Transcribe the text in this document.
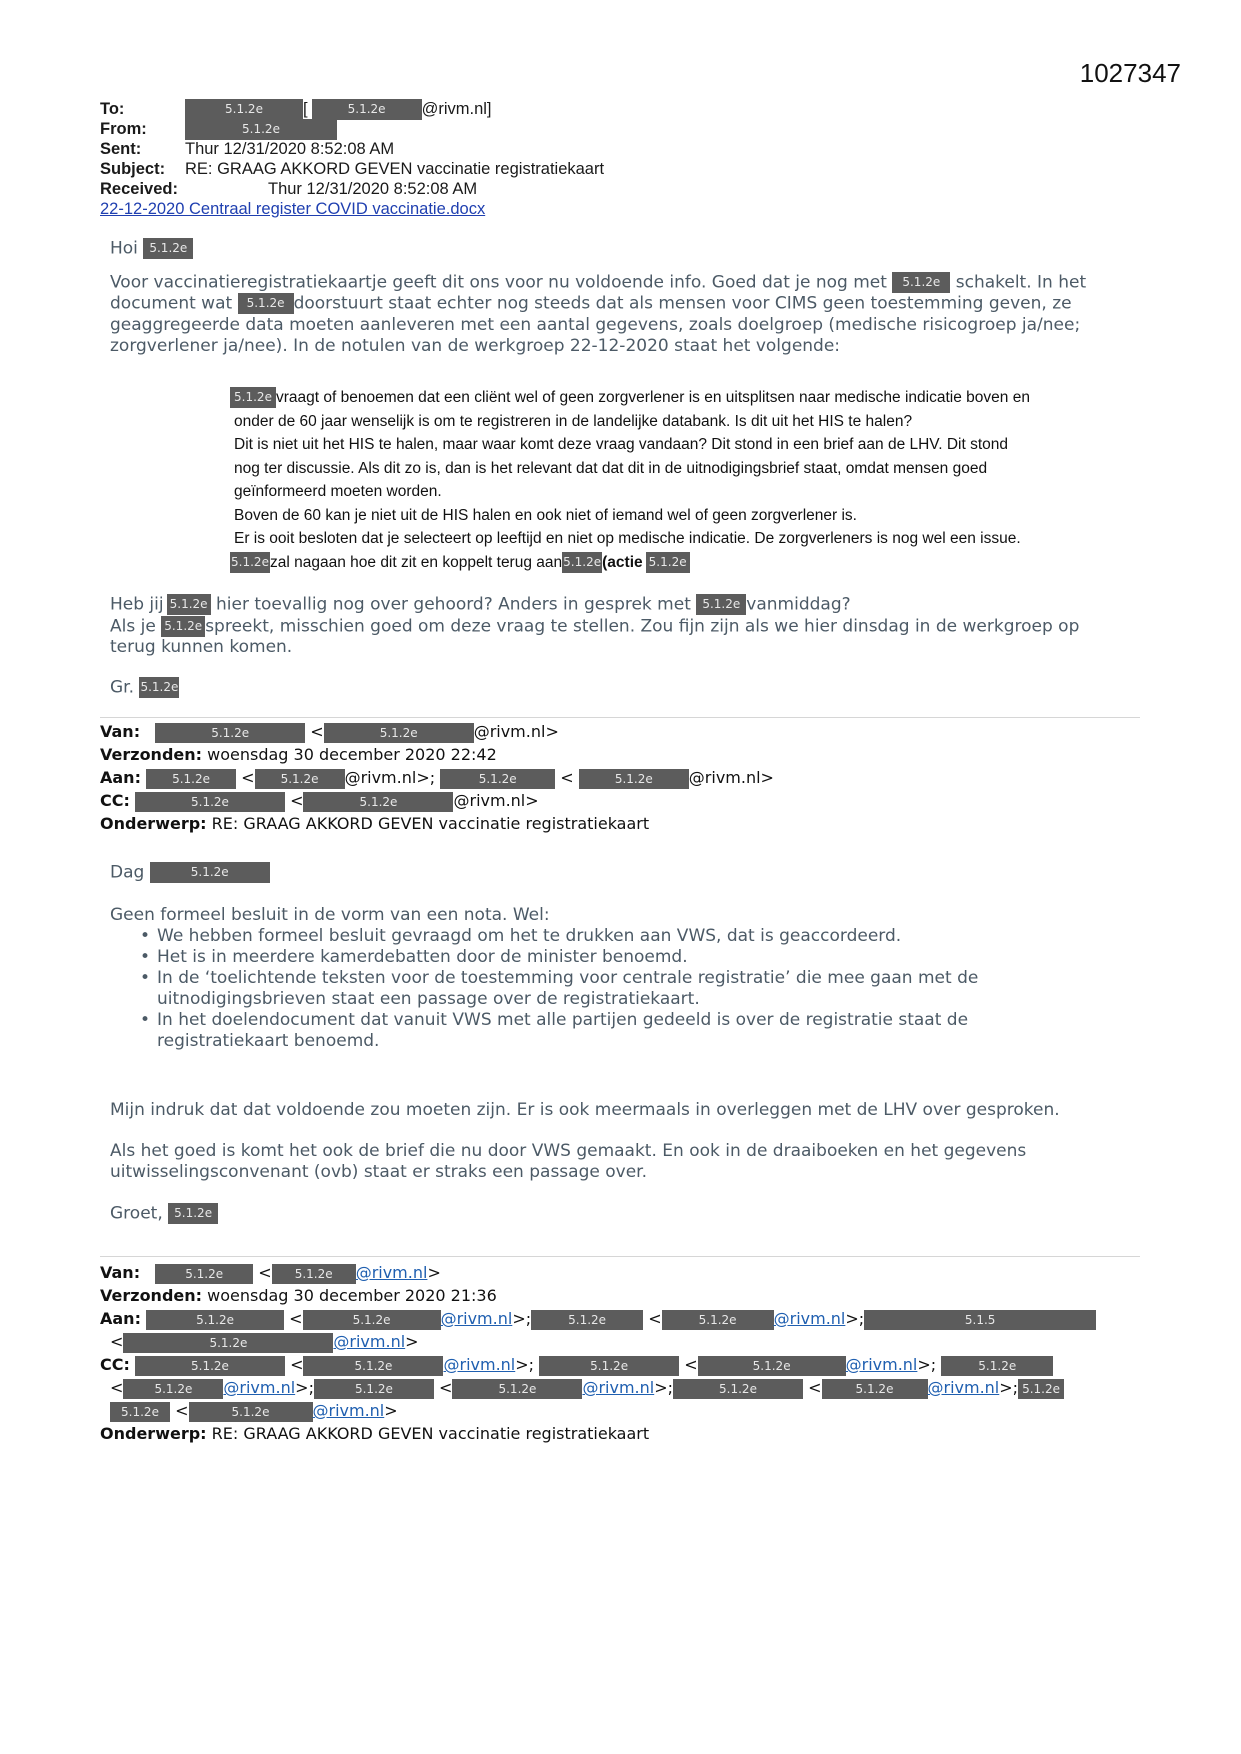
1027347
To:	5.1.2e [	5.1.2e @rivm.nl]
From:	5.1.2e
Sent:	Thur 12/31/2020 8:52:08 AM
Subject: RE: GRAAG AKKORD GEVEN vaccinatie registratiekaart
Received:	Thur 12/31/2020 8:52:08 AM
22-12-2020 Centraal register COVID vaccinatie.docx

Hoi 5.1.2e

Voor vaccinatieregistratiekaartje geeft dit ons voor nu voldoende info. Goed dat je nog met 5.1.2e schakelt. In het

document wat 5.1.2e doorstuurt staat echter nog steeds dat als mensen voor CIMS geen toestemming geven, ze

geaggregeerde data moeten aanleveren met een aantal gegevens, zoals doelgroep (medische risicogroep ja/nee;

zorgverlener ja/nee). In de notulen van de werkgroep 22-12-2020 staat het volgende:

5.1.2e vraagt of benoemen dat een cliënt wel of geen zorgverlener is en uitsplitsen naar medische indicatie boven en

onder de 60 jaar wenselijk is om te registreren in de landelijke databank. Is dit uit het HIS te halen?

Dit is niet uit het HIS te halen, maar waar komt deze vraag vandaan? Dit stond in een brief aan de LHV. Dit stond

nog ter discussie. Als dit zo is, dan is het relevant dat dat dit in de uitnodigingsbrief staat, omdat mensen goed

geïnformeerd moeten worden.

Boven de 60 kan je niet uit de HIS halen en ook niet of iemand wel of geen zorgverlener is.

Er is ooit besloten dat je selecteert op leeftijd en niet op medische indicatie. De zorgverleners is nog wel een issue.

5.1.2ezal nagaan hoe dit zit en koppelt terug aan5.1.2e(actie 5.1.2e

Heb jij 5.1.2e hier toevallig nog over gehoord? Anders in gesprek met 5.1.2e vanmiddag?

Als je 5.1.2e spreekt, misschien goed om deze vraag te stellen. Zou fijn zijn als we hier dinsdag in de werkgroep op

terug kunnen komen.

Gr. 5.1.2e

Van:	5.1.2e	<	5.1.2e	@rivm.nl>
Verzonden: woensdag 30 december 2020 22:42
Aan:	5.1.2e < 5.1.2e @rivm.nl>;	5.1.2e	<	5.1.2e @rivm.nl>
CC:	5.1.2e	<	5.1.2e	@rivm.nl>
Onderwerp: RE: GRAAG AKKORD GEVEN vaccinatie registratiekaart

Dag	5.1.2e

Geen formeel besluit in de vorm van een nota. Wel:

• We hebben formeel besluit gevraagd om het te drukken aan VWS, dat is geaccordeerd.
• Het is in meerdere kamerdebatten door de minister benoemd.
• In de ‘toelichtende teksten voor de toestemming voor centrale registratie’ die mee gaan met de uitnodigingsbrieven staat een passage over de registratiekaart.
• In het doelendocument dat vanuit VWS met alle partijen gedeeld is over de registratie staat de registratiekaart benoemd.

Mijn indruk dat dat voldoende zou moeten zijn. Er is ook meermaals in overleggen met de LHV over gesproken.

Als het goed is komt het ook de brief die nu door VWS gemaakt. En ook in de draaiboeken en het gegevens

uitwisselingsconvenant (ovb) staat er straks een passage over.

Groet, 5.1.2e

Van:	5.1.2e < 5.1.2e @rivm.nl>
Verzonden: woensdag 30 december 2020 21:36
Aan:	5.1.2e	<	5.1.2e	@rivm.nl>;	5.1.2e	<	5.1.2e @rivm.nl>;	5.1.5
<	5.1.2e	@rivm.nl>
CC:	5.1.2e	<	5.1.2e	@rivm.nl>;	5.1.2e	<	5.1.2e	@rivm.nl>;	5.1.2e
<	5.1.2e @rivm.nl>;	5.1.2e	<	5.1.2e	@rivm.nl>;	5.1.2e	<	5.1.2e @rivm.nl>; 5.1.2e
5.1.2e <	5.1.2e	@rivm.nl>
Onderwerp: RE: GRAAG AKKORD GEVEN vaccinatie registratiekaart
